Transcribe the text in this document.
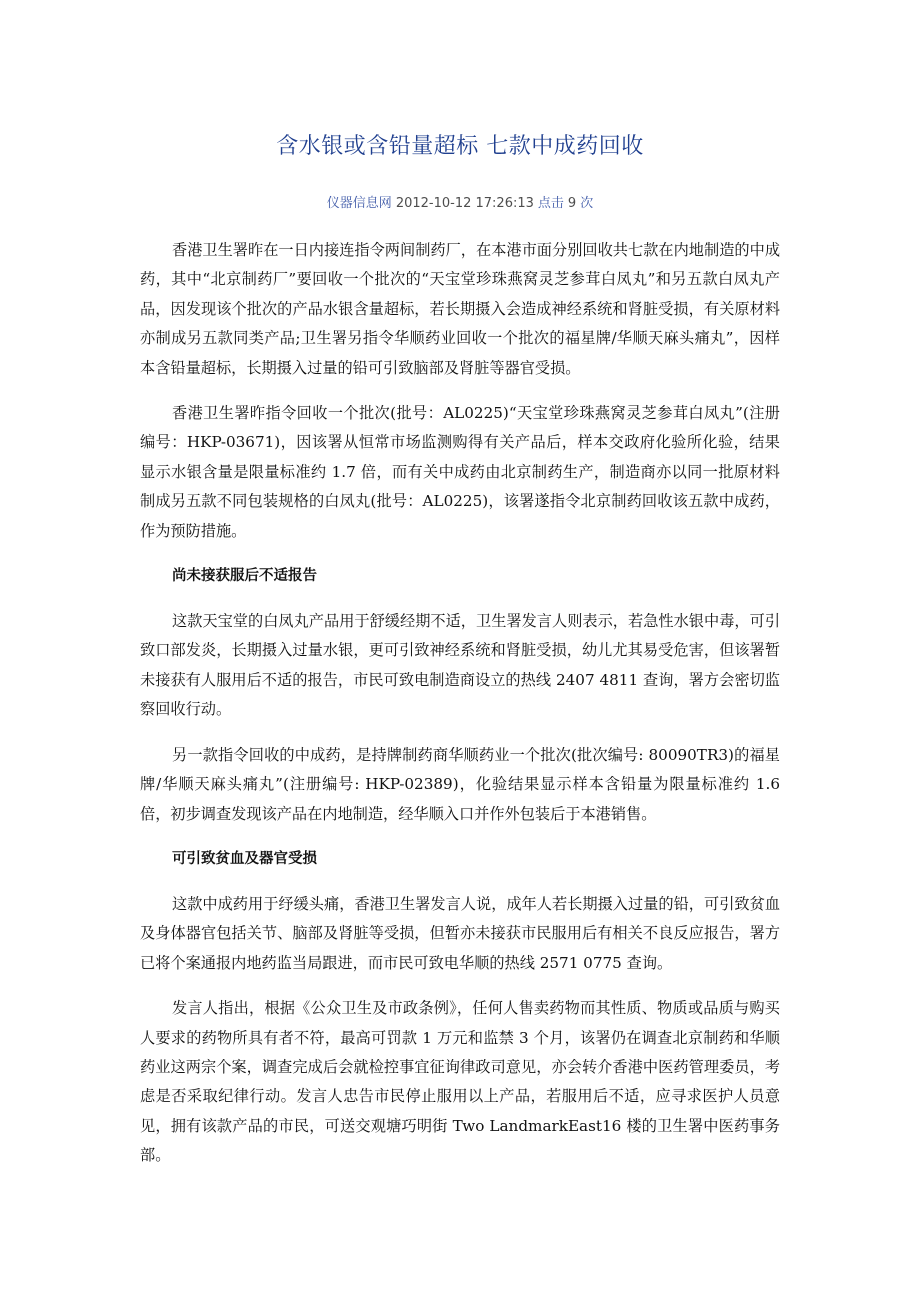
含水银或含铅量超标 七款中成药回收
仪器信息网 2012-10-12 17:26:13 点击 9 次

香港卫生署昨在一日内接连指令两间制药厂，在本港市面分别回收共七款在内地制造的中成药，其中“北京制药厂”要回收一个批次的“天宝堂珍珠燕窝灵芝参茸白凤丸”和另五款白凤丸产品，因发现该个批次的产品水银含量超标，若长期摄入会造成神经系统和肾脏受损，有关原材料亦制成另五款同类产品;卫生署另指令华顺药业回收一个批次的福星牌/华顺天麻头痛丸”，因样本含铅量超标，长期摄入过量的铅可引致脑部及肾脏等器官受损。

香港卫生署昨指令回收一个批次(批号：AL0225)“天宝堂珍珠燕窝灵芝参茸白凤丸”(注册编号：HKP-03671)，因该署从恒常市场监测购得有关产品后，样本交政府化验所化验，结果显示水银含量是限量标准约 1.7 倍，而有关中成药由北京制药生产，制造商亦以同一批原材料制成另五款不同包装规格的白凤丸(批号：AL0225)，该署遂指令北京制药回收该五款中成药，作为预防措施。

尚未接获服后不适报告

这款天宝堂的白凤丸产品用于舒缓经期不适，卫生署发言人则表示，若急性水银中毒，可引致口部发炎，长期摄入过量水银，更可引致神经系统和肾脏受损，幼儿尤其易受危害，但该署暂未接获有人服用后不适的报告，市民可致电制造商设立的热线 2407 4811 查询，署方会密切监察回收行动。

另一款指令回收的中成药，是持牌制药商华顺药业一个批次(批次编号: 80090TR3)的福星牌/华顺天麻头痛丸”(注册编号: HKP-02389)，化验结果显示样本含铅量为限量标准约 1.6 倍，初步调查发现该产品在内地制造，经华顺入口并作外包装后于本港销售。

可引致贫血及器官受损

这款中成药用于纾缓头痛，香港卫生署发言人说，成年人若长期摄入过量的铅，可引致贫血及身体器官包括关节、脑部及肾脏等受损，但暂亦未接获市民服用后有相关不良反应报告，署方已将个案通报内地药监当局跟进，而市民可致电华顺的热线 2571 0775 查询。

发言人指出，根据《公众卫生及市政条例》，任何人售卖药物而其性质、物质或品质与购买人要求的药物所具有者不符，最高可罚款 1 万元和监禁 3 个月，该署仍在调查北京制药和华顺药业这两宗个案，调查完成后会就检控事宜征询律政司意见，亦会转介香港中医药管理委员，考虑是否采取纪律行动。发言人忠告市民停止服用以上产品，若服用后不适，应寻求医护人员意见，拥有该款产品的市民，可送交观塘巧明街 Two LandmarkEast16 楼的卫生署中医药事务部。
